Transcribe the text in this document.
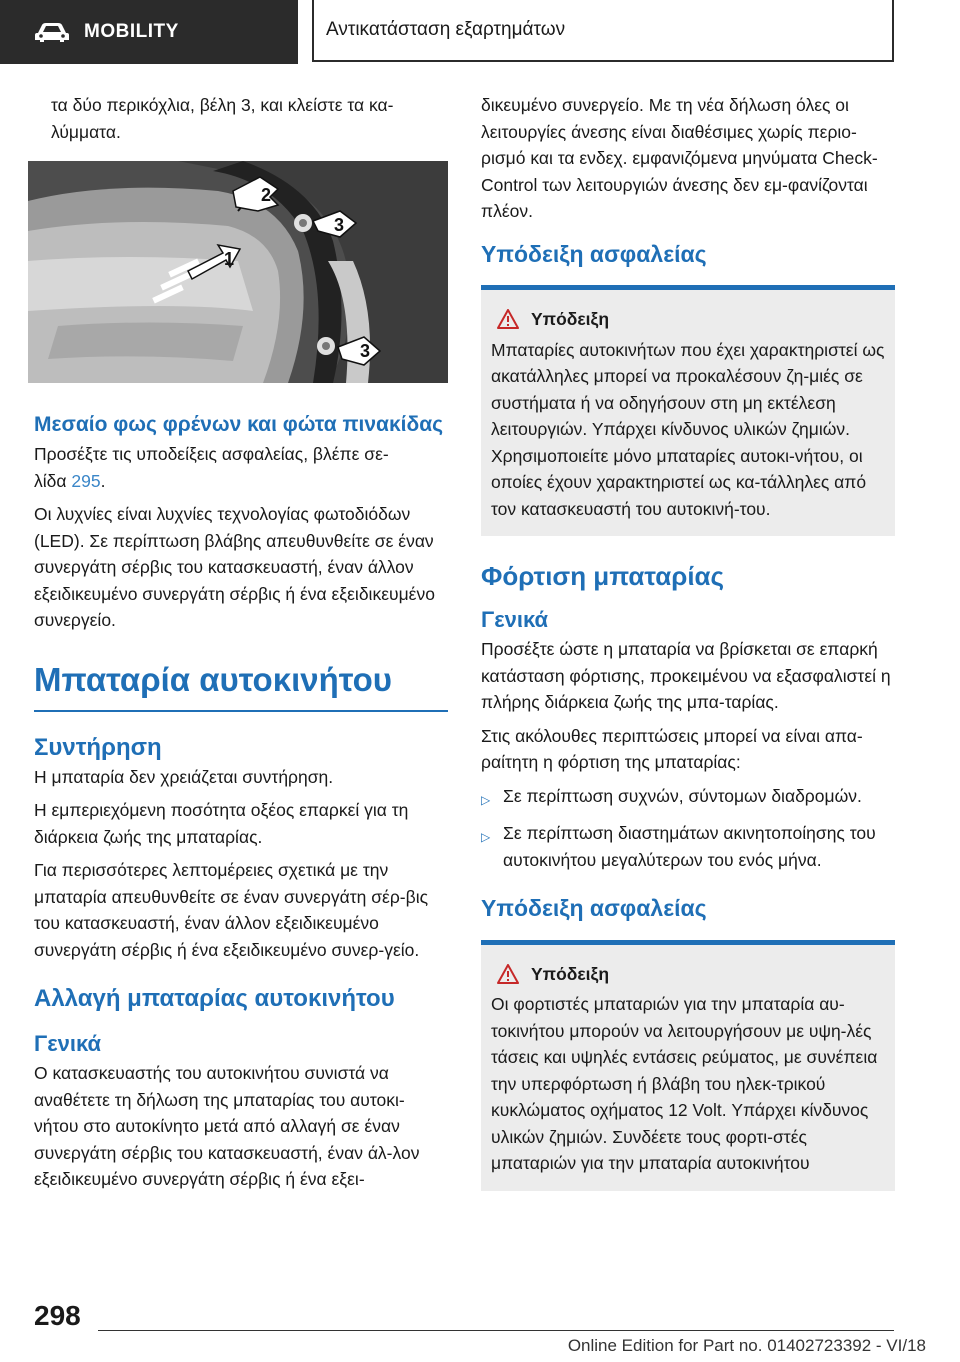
MOBILITY	Αντικατάσταση εξαρτημάτων

τα δύο περικόχλια, βέλη 3, και κλείστε τα κα-
λύμματα.

2
3
1
3
Μεσαίο φως φρένων και φώτα πινακίδας

Προσέξτε τις υποδείξεις ασφαλείας, βλέπε σε-
λίδα 295.

Οι λυχνίες είναι λυχνίες τεχνολογίας φωτοδιόδων (LED). Σε περίπτωση βλάβης απευθυνθείτε σε έναν συνεργάτη σέρβις του κατασκευαστή, έναν άλλον εξειδικευμένο συνεργάτη σέρβις ή ένα εξειδικευμένο συνεργείο.

Μπαταρία αυτοκινήτου
Συντήρηση

Η μπαταρία δεν χρειάζεται συντήρηση.

Η εμπεριεχόμενη ποσότητα οξέος επαρκεί για τη διάρκεια ζωής της μπαταρίας.

Για περισσότερες λεπτομέρειες σχετικά με την μπαταρία απευθυνθείτε σε έναν συνεργάτη σέρ-βις του κατασκευαστή, έναν άλλον εξειδικευμένο συνεργάτη σέρβις ή ένα εξειδικευμένο συνερ-γείο.

Αλλαγή μπαταρίας αυτοκινήτου
Γενικά

Ο κατασκευαστής του αυτοκινήτου συνιστά να αναθέτετε τη δήλωση της μπαταρίας του αυτοκι-νήτου στο αυτοκίνητο μετά από αλλαγή σε έναν συνεργάτη σέρβις του κατασκευαστή, έναν άλ-λον εξειδικευμένο συνεργάτη σέρβις ή ένα εξει-

δικευμένο συνεργείο. Με τη νέα δήλωση όλες οι λειτουργίες άνεσης είναι διαθέσιμες χωρίς περιο-ρισμό και τα ενδεχ. εμφανιζόμενα μηνύματα Check-Control των λειτουργιών άνεσης δεν εμ-φανίζονται πλέον.

Υπόδειξη ασφαλείας
Υπόδειξη
Μπαταρίες αυτοκινήτων που έχει χαρακτηριστεί ως ακατάλληλες μπορεί να προκαλέσουν ζη-μιές σε συστήματα ή να οδηγήσουν στη μη εκτέλεση λειτουργιών. Υπάρχει κίνδυνος υλικών ζημιών. Χρησιμοποιείτε μόνο μπαταρίες αυτοκι-νήτου, οι οποίες έχουν χαρακτηριστεί ως κα-τάλληλες από τον κατασκευαστή του αυτοκινή-του.
Φόρτιση μπαταρίας
Γενικά

Προσέξτε ώστε η μπαταρία να βρίσκεται σε επαρκή κατάσταση φόρτισης, προκειμένου να εξασφαλιστεί η πλήρης διάρκεια ζωής της μπα-ταρίας.

Στις ακόλουθες περιπτώσεις μπορεί να είναι απα-ραίτητη η φόρτιση της μπαταρίας:

▷ Σε περίπτωση συχνών, σύντομων διαδρομών.
▷ Σε περίπτωση διαστημάτων ακινητοποίησης του αυτοκινήτου μεγαλύτερων του ενός μήνα.
Υπόδειξη ασφαλείας
Υπόδειξη
Οι φορτιστές μπαταριών για την μπαταρία αυ-τοκινήτου μπορούν να λειτουργήσουν με υψη-λές τάσεις και υψηλές εντάσεις ρεύματος, με συνέπεια την υπερφόρτωση ή βλάβη του ηλεκ-τρικού κυκλώματος οχήματος 12 Volt. Υπάρχει κίνδυνος υλικών ζημιών. Συνδέετε τους φορτι-στές μπαταριών για την μπαταρία αυτοκινήτου
298
Online Edition for Part no. 01402723392 - VI/18
